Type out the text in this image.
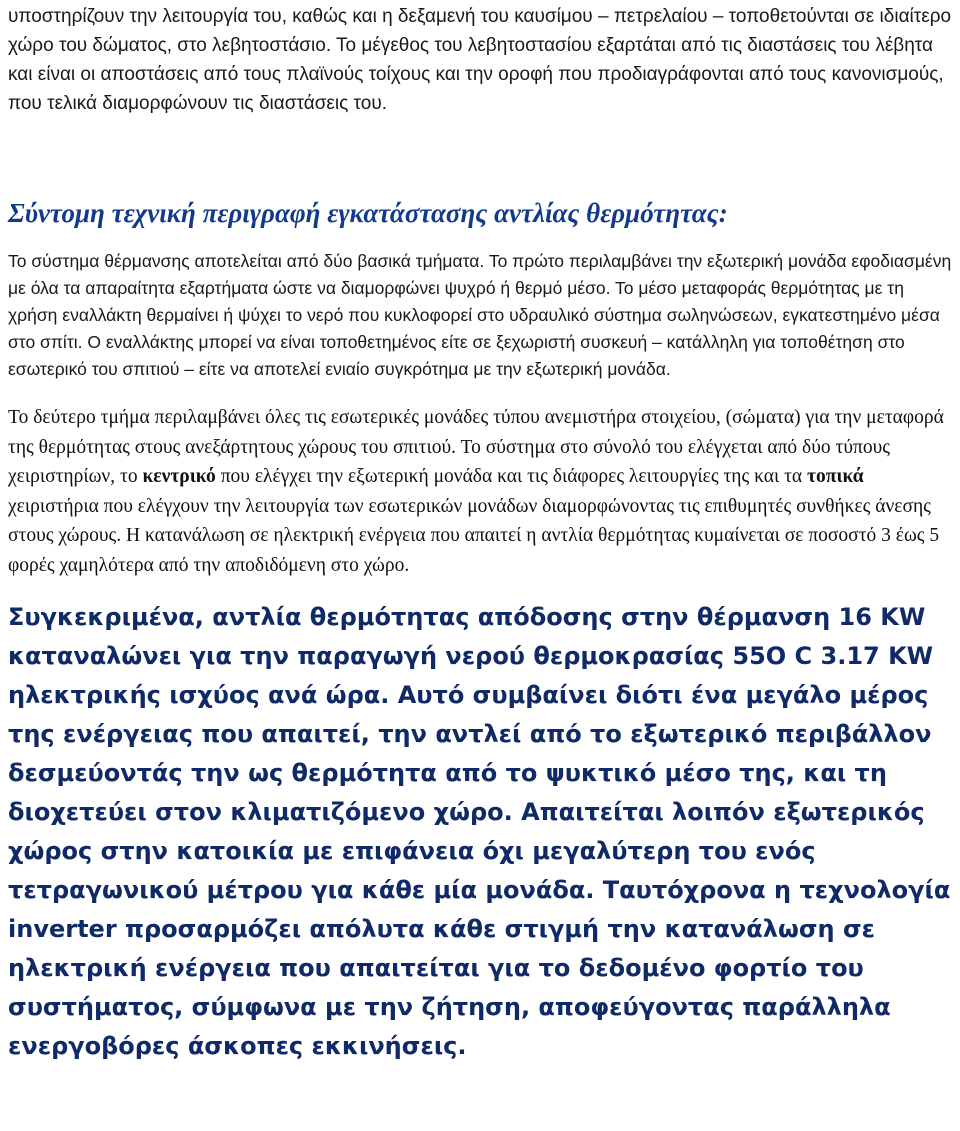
υποστηρίζουν την λειτουργία του, καθώς και η δεξαμενή του καυσίμου – πετρελαίου – τοποθετούνται σε ιδιαίτερο χώρο του δώματος, στο λεβητοστάσιο. Το μέγεθος του λεβητοστασίου εξαρτάται από τις διαστάσεις του λέβητα και είναι οι αποστάσεις από τους πλαϊνούς τοίχους και την οροφή που προδιαγράφονται από τους κανονισμούς, που τελικά διαμορφώνουν τις διαστάσεις του.

Σύντομη τεχνική περιγραφή εγκατάστασης αντλίας θερμότητας:

Το σύστημα θέρμανσης αποτελείται από δύο βασικά τμήματα. Το πρώτο περιλαμβάνει την εξωτερική μονάδα εφοδιασμένη με όλα τα απαραίτητα εξαρτήματα ώστε να διαμορφώνει ψυχρό ή θερμό μέσο. Το μέσο μεταφοράς θερμότητας με τη χρήση εναλλάκτη θερμαίνει ή ψύχει το νερό που κυκλοφορεί στο υδραυλικό σύστημα σωληνώσεων, εγκατεστημένο μέσα στο σπίτι. Ο εναλλάκτης μπορεί να είναι τοποθετημένος είτε σε ξεχωριστή συσκευή – κατάλληλη για τοποθέτηση στο εσωτερικό του σπιτιού – είτε να αποτελεί ενιαίο συγκρότημα με την εξωτερική μονάδα.

Το δεύτερο τμήμα περιλαμβάνει όλες τις εσωτερικές μονάδες τύπου ανεμιστήρα στοιχείου, (σώματα) για την μεταφορά της θερμότητας στους ανεξάρτητους χώρους του σπιτιού. Το σύστημα στο σύνολό του ελέγχεται από δύο τύπους χειριστηρίων, το κεντρικό που ελέγχει την εξωτερική μονάδα και τις διάφορες λειτουργίες της και τα τοπικά χειριστήρια που ελέγχουν την λειτουργία των εσωτερικών μονάδων διαμορφώνοντας τις επιθυμητές συνθήκες άνεσης στους χώρους. Η κατανάλωση σε ηλεκτρική ενέργεια που απαιτεί η αντλία θερμότητας κυμαίνεται σε ποσοστό 3 έως 5 φορές χαμηλότερα από την αποδιδόμενη στο χώρο.

Συγκεκριμένα, αντλία θερμότητας απόδοσης στην θέρμανση 16 KW καταναλώνει για την παραγωγή νερού θερμοκρασίας 55Ο C 3.17 KW ηλεκτρικής ισχύος ανά ώρα. Αυτό συμβαίνει διότι ένα μεγάλο μέρος της ενέργειας που απαιτεί, την αντλεί από το εξωτερικό περιβάλλον δεσμεύοντάς την ως θερμότητα από το ψυκτικό μέσο της, και τη διοχετεύει στον κλιματιζόμενο χώρο. Απαιτείται λοιπόν εξωτερικός χώρος στην κατοικία με επιφάνεια όχι μεγαλύτερη του ενός τετραγωνικού μέτρου για κάθε μία μονάδα. Ταυτόχρονα η τεχνολογία inverter προσαρμόζει απόλυτα κάθε στιγμή την κατανάλωση σε ηλεκτρική ενέργεια που απαιτείται για το δεδομένο φορτίο του συστήματος, σύμφωνα με την ζήτηση, αποφεύγοντας παράλληλα ενεργοβόρες άσκοπες εκκινήσεις.
